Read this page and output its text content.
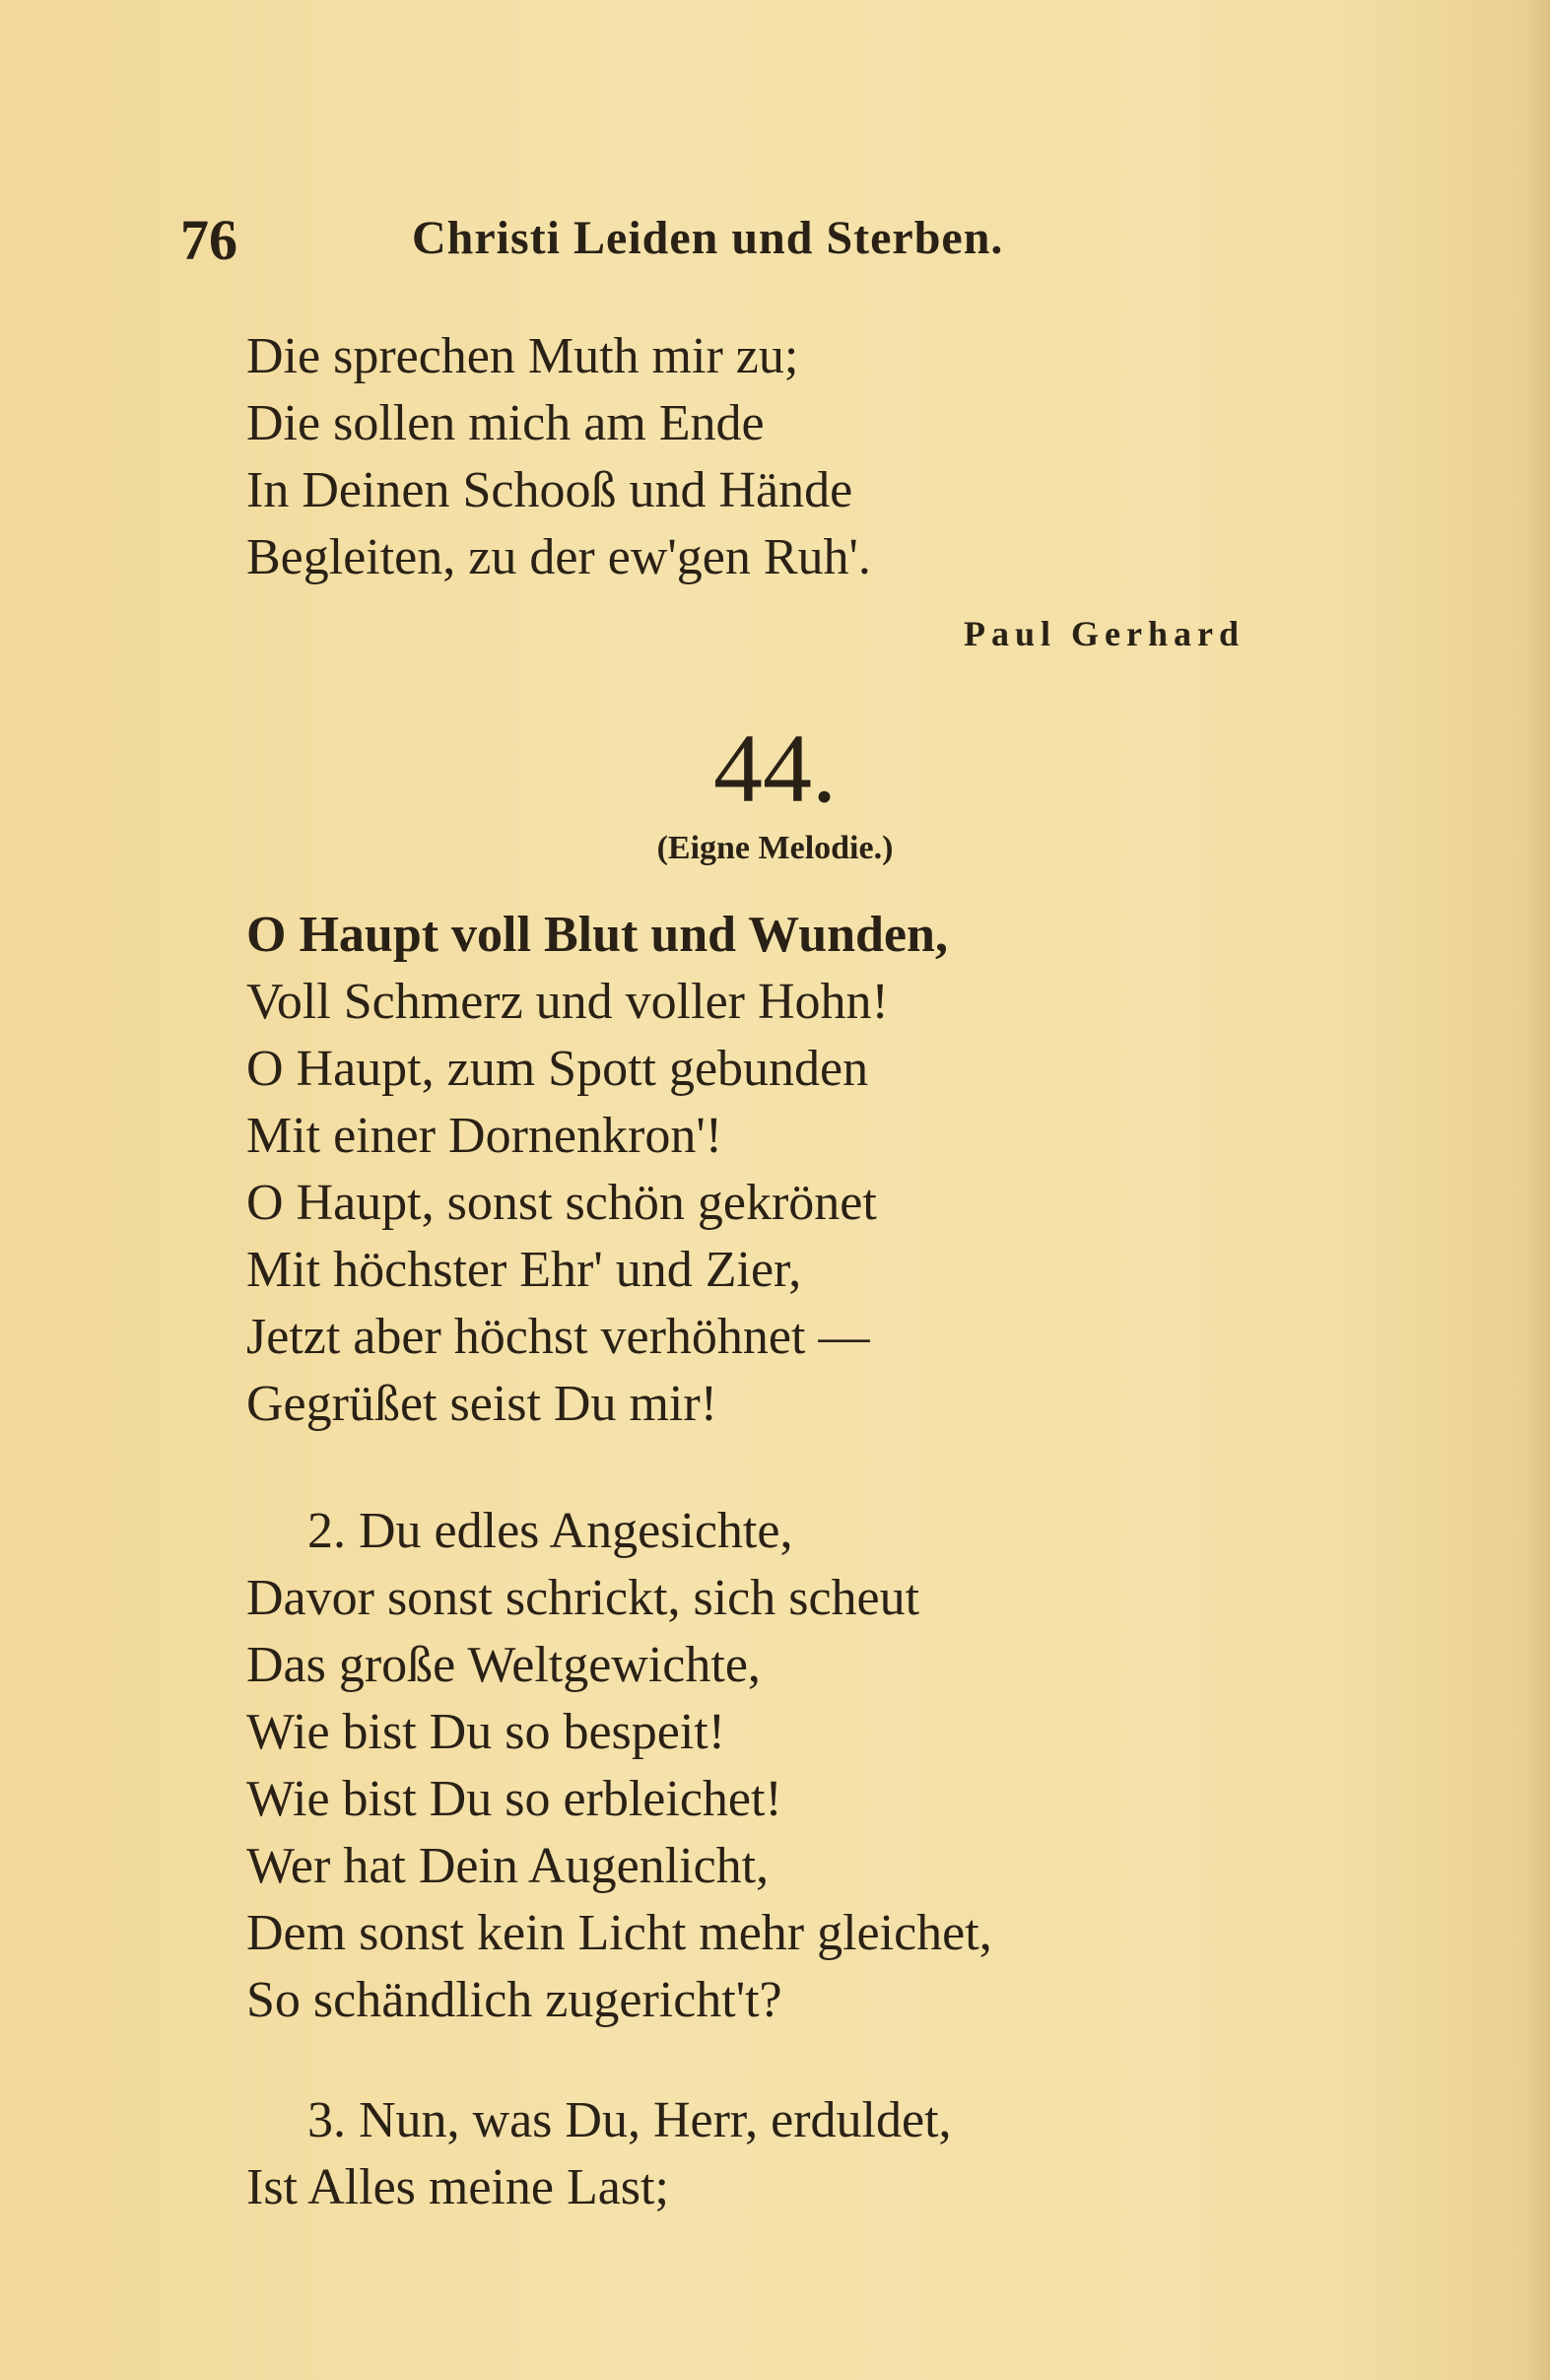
76	Christi Leiden und Sterben.
Die sprechen Muth mir zu;
Die sollen mich am Ende
In Deinen Schooß und Hände
Begleiten, zu der ew'gen Ruh'.
Paul Gerhard
44.
(Eigne Melodie.)
O Haupt voll Blut und Wunden,
Voll Schmerz und voller Hohn!
O Haupt, zum Spott gebunden
Mit einer Dornenkron'!
O Haupt, sonst schön gekrönet
Mit höchster Ehr' und Zier,
Jetzt aber höchst verhöhnet —
Gegrüßet seist Du mir!
2. Du edles Angesichte,
Davor sonst schrickt, sich scheut
Das große Weltgewichte,
Wie bist Du so bespeit!
Wie bist Du so erbleichet!
Wer hat Dein Augenlicht,
Dem sonst kein Licht mehr gleichet,
So schändlich zugericht't?
3. Nun, was Du, Herr, erduldet,
Ist Alles meine Last;
